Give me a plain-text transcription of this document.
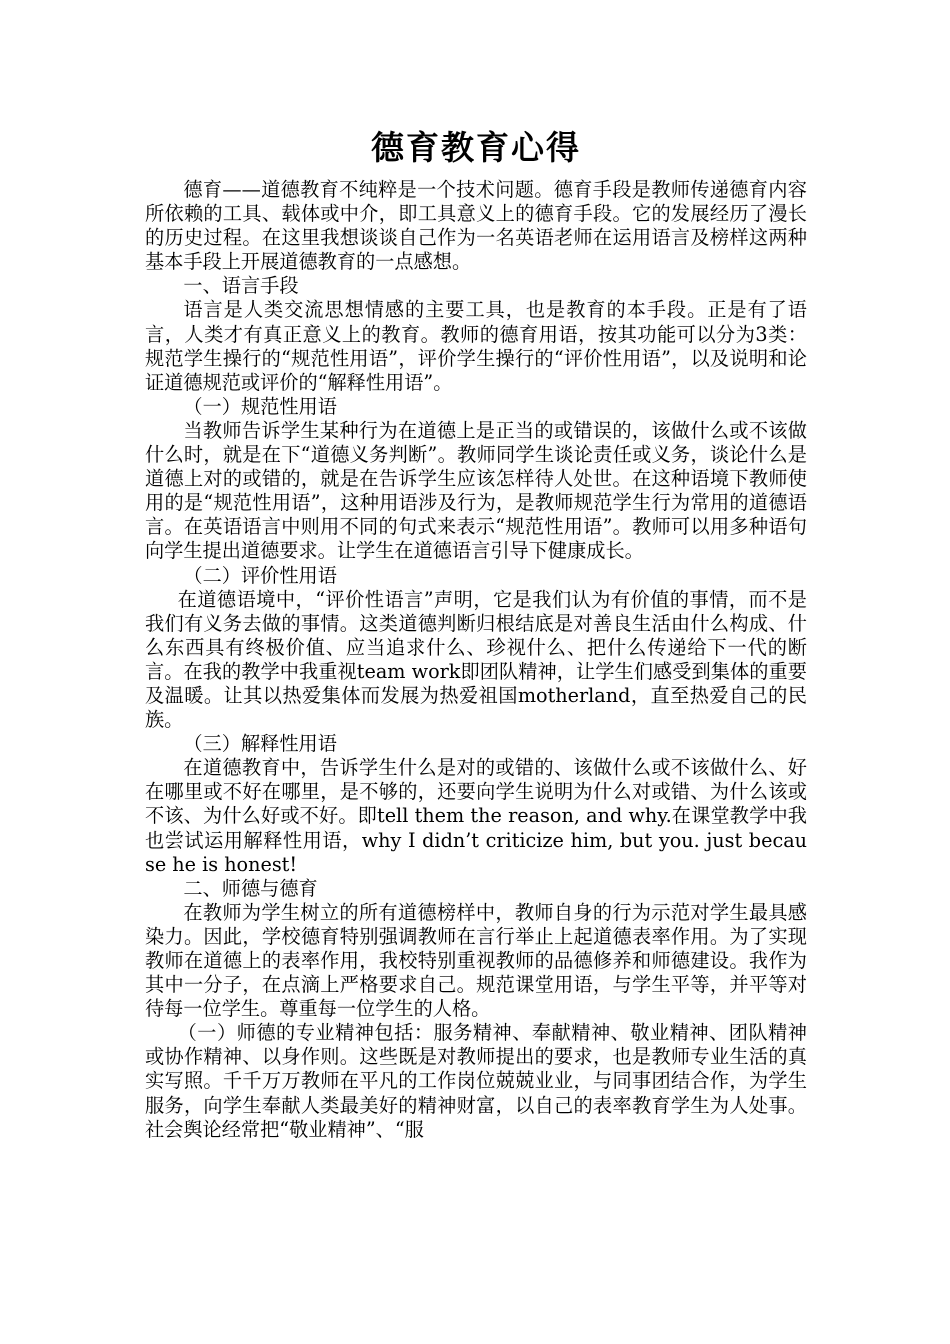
德育教育心得

德育——道德教育不纯粹是一个技术问题。德育手段是教师传递德育内容所依赖的工具、载体或中介，即工具意义上的德育手段。它的发展经历了漫长的历史过程。在这里我想谈谈自己作为一名英语老师在运用语言及榜样这两种基本手段上开展道德教育的一点感想。

一、语言手段

语言是人类交流思想情感的主要工具，也是教育的本手段。正是有了语言，人类才有真正意义上的教育。教师的德育用语，按其功能可以分为3类：规范学生操行的“规范性用语”，评价学生操行的“评价性用语”，以及说明和论证道德规范或评价的“解释性用语”。

（一）规范性用语

当教师告诉学生某种行为在道德上是正当的或错误的，该做什么或不该做什么时，就是在下“道德义务判断”。教师同学生谈论责任或义务，谈论什么是道德上对的或错的，就是在告诉学生应该怎样待人处世。在这种语境下教师使用的是“规范性用语”，这种用语涉及行为，是教师规范学生行为常用的道德语言。在英语语言中则用不同的句式来表示“规范性用语”。教师可以用多种语句向学生提出道德要求。让学生在道德语言引导下健康成长。

（二）评价性用语

在道德语境中，“评价性语言”声明，它是我们认为有价值的事情，而不是我们有义务去做的事情。这类道德判断归根结底是对善良生活由什么构成、什么东西具有终极价值、应当追求什么、珍视什么、把什么传递给下一代的断言。在我的教学中我重视team work即团队精神，让学生们感受到集体的重要及温暖。让其以热爱集体而发展为热爱祖国motherland，直至热爱自己的民族。

（三）解释性用语

在道德教育中，告诉学生什么是对的或错的、该做什么或不该做什么、好在哪里或不好在哪里，是不够的，还要向学生说明为什么对或错、为什么该或不该、为什么好或不好。即tell them the reason, and why.在课堂教学中我也尝试运用解释性用语，why I didn’t criticize him, but you. just because he is honest!

二、师德与德育

在教师为学生树立的所有道德榜样中，教师自身的行为示范对学生最具感染力。因此，学校德育特别强调教师在言行举止上起道德表率作用。为了实现教师在道德上的表率作用，我校特别重视教师的品德修养和师德建设。我作为其中一分子，在点滴上严格要求自己。规范课堂用语，与学生平等，并平等对待每一位学生。尊重每一位学生的人格。

（一）师德的专业精神包括：服务精神、奉献精神、敬业精神、团队精神或协作精神、以身作则。这些既是对教师提出的要求，也是教师专业生活的真实写照。千千万万教师在平凡的工作岗位兢兢业业，与同事团结合作，为学生服务，向学生奉献人类最美好的精神财富，以自己的表率教育学生为人处事。社会舆论经常把“敬业精神”、“服
